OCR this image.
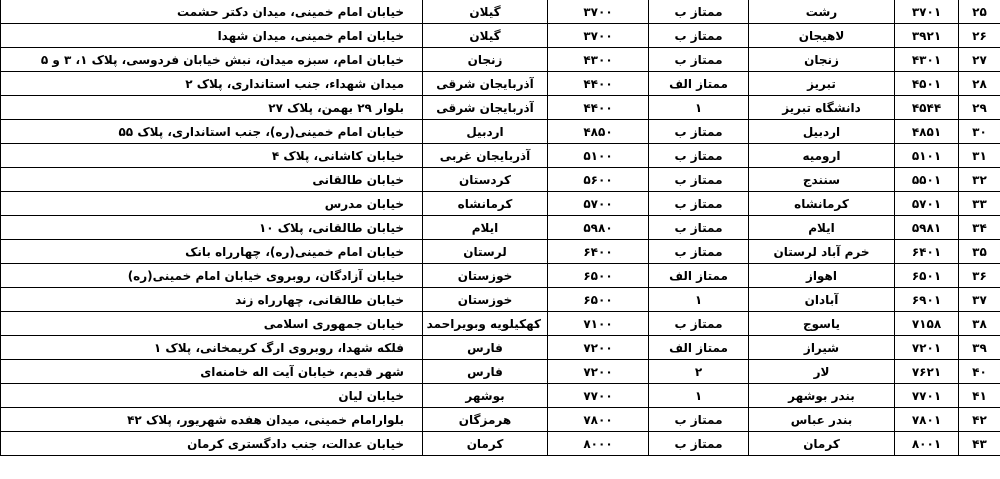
۲۵	۳۷۰۱	رشت	ممتاز ب	۳۷۰۰	گیلان	خیابان امام خمینی، میدان دکتر حشمت
۲۶	۳۹۲۱	لاهیجان	ممتاز ب	۳۷۰۰	گیلان	خیابان امام خمینی، میدان شهدا
۲۷	۴۳۰۱	زنجان	ممتاز ب	۴۳۰۰	زنجان	خیابان امام، سبزه میدان، نبش خیابان فردوسی، پلاک ۱، ۳ و ۵
۲۸	۴۵۰۱	تبریز	ممتاز الف	۴۴۰۰	آذربایجان شرقی	میدان شهداء، جنب استانداری، پلاک ۲
۲۹	۴۵۴۴	دانشگاه تبریز	۱	۴۴۰۰	آذربایجان شرقی	بلوار ۲۹ بهمن، پلاک ۲۷
۳۰	۴۸۵۱	اردبیل	ممتاز ب	۴۸۵۰	اردبیل	خیابان امام خمینی(ره)، جنب استانداری، پلاک ۵۵
۳۱	۵۱۰۱	ارومیه	ممتاز ب	۵۱۰۰	آذربایجان غربی	خیابان کاشانی، پلاک ۴
۳۲	۵۵۰۱	سنندج	ممتاز ب	۵۶۰۰	کردستان	خیابان طالقانی
۳۳	۵۷۰۱	کرمانشاه	ممتاز ب	۵۷۰۰	کرمانشاه	خیابان مدرس
۳۴	۵۹۸۱	ایلام	ممتاز ب	۵۹۸۰	ایلام	خیابان طالقانی، پلاک ۱۰
۳۵	۶۴۰۱	خرم آباد لرستان	ممتاز ب	۶۴۰۰	لرستان	خیابان امام خمینی(ره)، چهارراه بانک
۳۶	۶۵۰۱	اهواز	ممتاز الف	۶۵۰۰	خوزستان	خیابان آزادگان، روبروی خیابان امام خمینی(ره)
۳۷	۶۹۰۱	آبادان	۱	۶۵۰۰	خوزستان	خیابان طالقانی، چهارراه زند
۳۸	۷۱۵۸	یاسوج	ممتاز ب	۷۱۰۰	کهکیلویه وبویراحمد	خیابان جمهوری اسلامی
۳۹	۷۲۰۱	شیراز	ممتاز الف	۷۲۰۰	فارس	فلکه شهدا، روبروی ارگ کریمخانی، پلاک ۱
۴۰	۷۶۲۱	لار	۲	۷۲۰۰	فارس	شهر قدیم، خیابان آیت اله خامنه‌ای
۴۱	۷۷۰۱	بندر بوشهر	۱	۷۷۰۰	بوشهر	خیابان لیان
۴۲	۷۸۰۱	بندر عباس	ممتاز ب	۷۸۰۰	هرمزگان	بلوارامام خمینی، میدان هفده شهریور، پلاک ۴۲
۴۳	۸۰۰۱	کرمان	ممتاز ب	۸۰۰۰	کرمان	خیابان عدالت، جنب دادگستری کرمان
